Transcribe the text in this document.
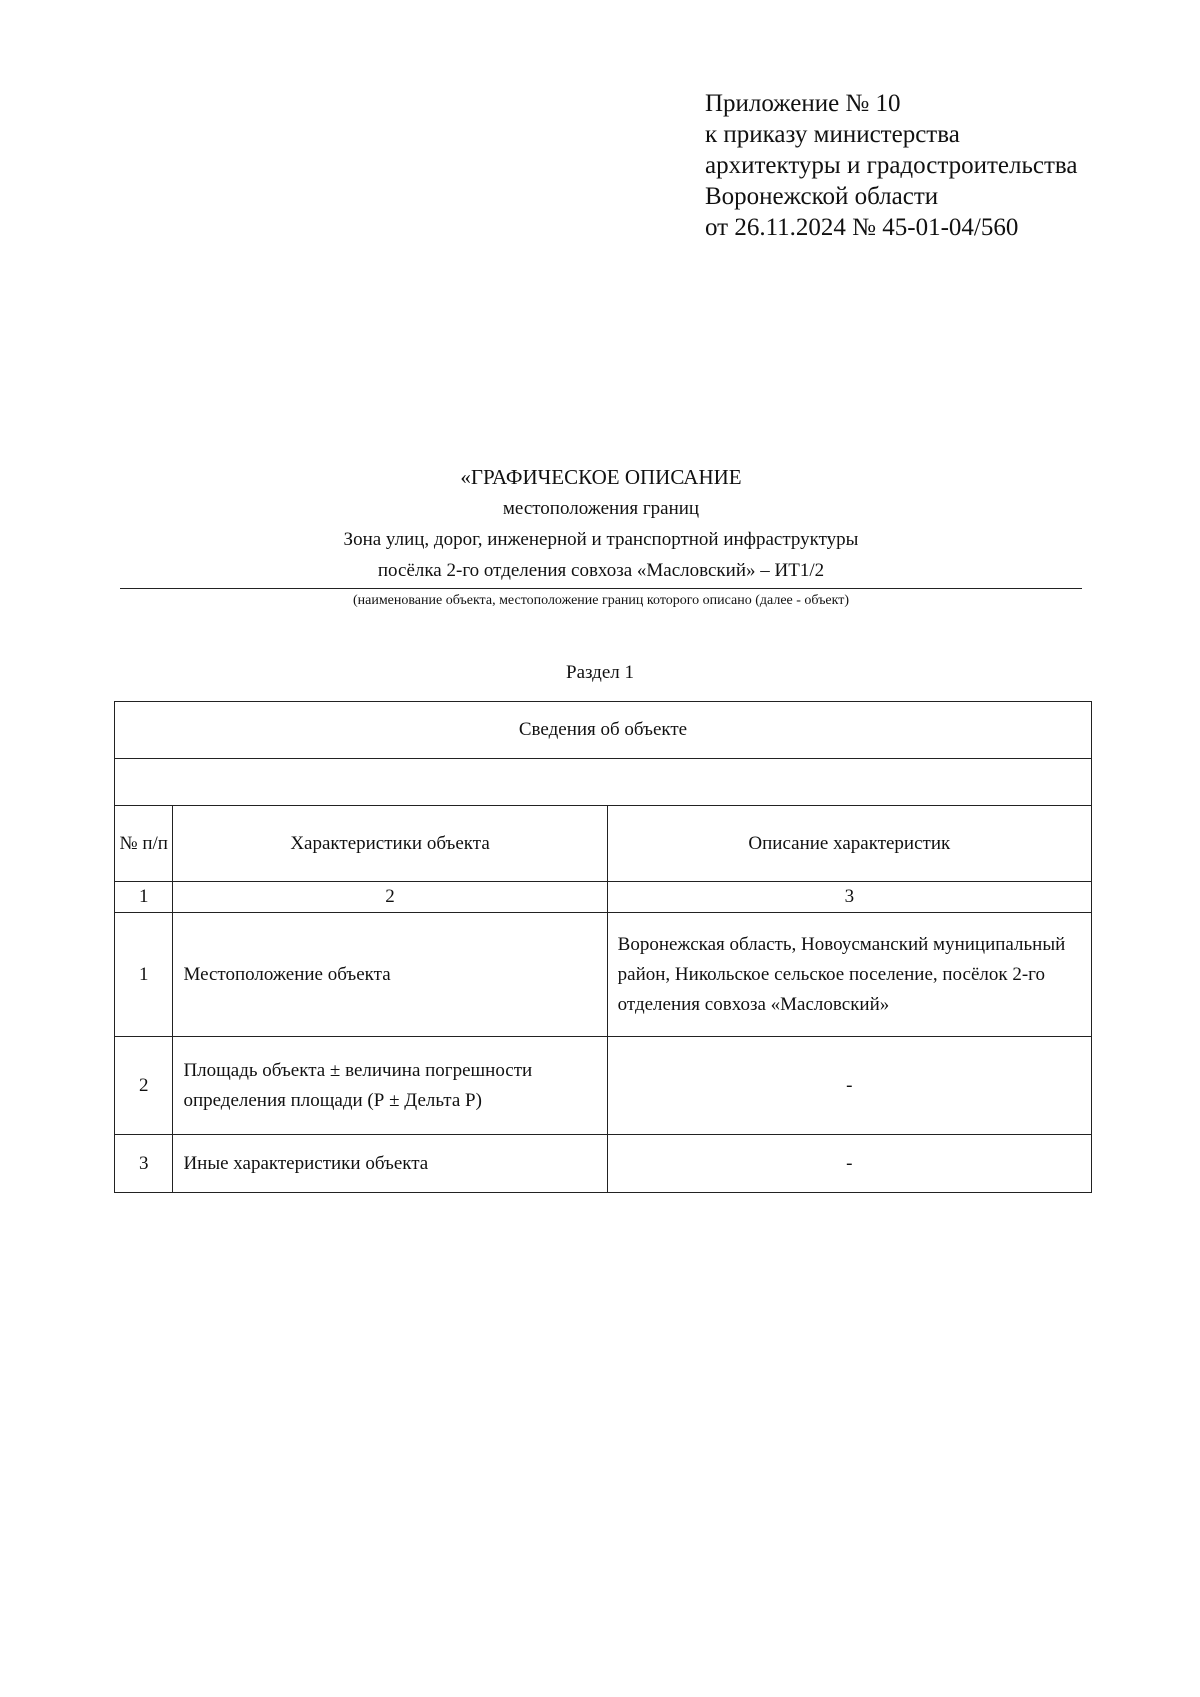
Приложение № 10
к приказу министерства
архитектуры и градостроительства
Воронежской области
от 26.11.2024 № 45-01-04/560
«ГРАФИЧЕСКОЕ ОПИСАНИЕ
местоположения границ
Зона улиц, дорог, инженерной и транспортной инфраструктуры
посёлка 2-го отделения совхоза «Масловский» – ИТ1/2
(наименование объекта, местоположение границ которого описано (далее - объект)
Раздел 1
Сведения об объекте		

№ п/п	Характеристики объекта	Описание характеристик
1	2	3
1	Местоположение объекта	Воронежская область, Новоусманский муниципальный район, Никольское сельское поселение, посёлок 2-го отделения совхоза «Масловский»
2	Площадь объекта ± величина погрешности определения площади (Р ± Дельта Р)	-
3	Иные характеристики объекта	-
